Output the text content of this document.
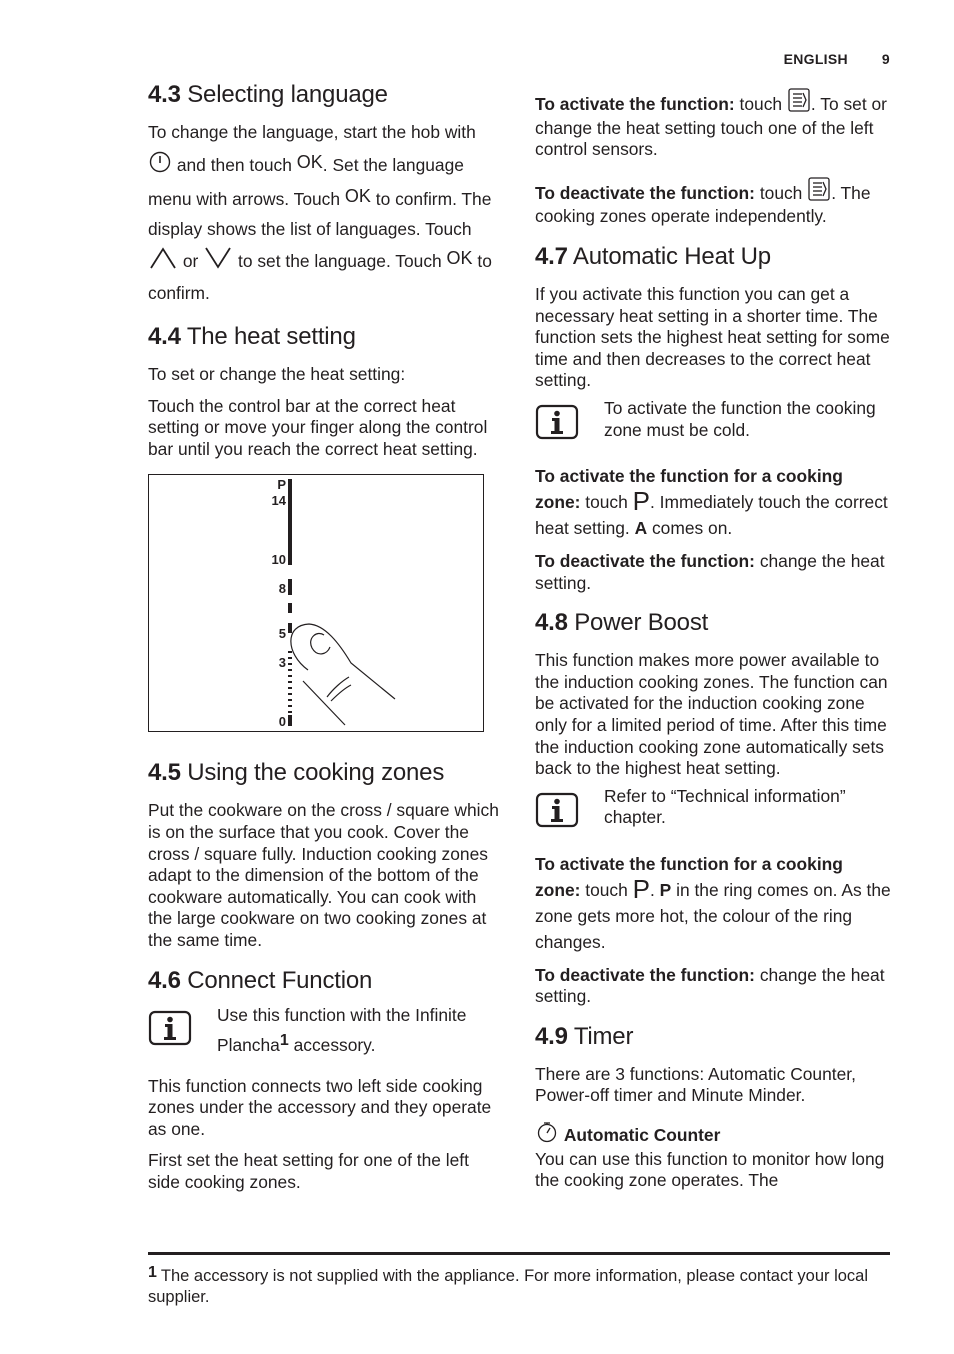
ENGLISH 9
4.3 Selecting language

To change the language, start the hob with  and then touch OK. Set the language menu with arrows. Touch OK to confirm. The display shows the list of languages. Touch  or to set the language. Touch OK to confirm.

4.4 The heat setting

To set or change the heat setting:

Touch the control bar at the correct heat setting or move your finger along the control bar until you reach the correct heat setting.

P
14
10
8
5
3
0
4.5 Using the cooking zones

Put the cookware on the cross / square which is on the surface that you cook. Cover the cross / square fully. Induction cooking zones adapt to the dimension of the bottom of the cookware automatically. You can cook with the large cookware on two cooking zones at the same time.

4.6 Connect Function

Use this function with the Infinite Plancha$^1$ accessory.

This function connects two left side cooking zones under the accessory and they operate as one.

First set the heat setting for one of the left side cooking zones.

To activate the function: touch . To set or change the heat setting touch one of the left control sensors.

To deactivate the function: touch . The cooking zones operate independently.

4.7 Automatic Heat Up

If you activate this function you can get a necessary heat setting in a shorter time. The function sets the highest heat setting for some time and then decreases to the correct heat setting.

To activate the function the cooking zone must be cold.

To activate the function for a cooking zone: touch P. Immediately touch the correct heat setting. A comes on.

To deactivate the function: change the heat setting.

4.8 Power Boost

This function makes more power available to the induction cooking zones. The function can be activated for the induction cooking zone only for a limited period of time. After this time the induction cooking zone automatically sets back to the highest heat setting.

Refer to “Technical information” chapter.

To activate the function for a cooking zone: touch P. P in the ring comes on. As the zone gets more hot, the colour of the ring changes.

To deactivate the function: change the heat setting.

4.9 Timer

There are 3 functions: Automatic Counter, Power-off timer and Minute Minder.

Automatic Counter

You can use this function to monitor how long the cooking zone operates. The

$^1$ The accessory is not supplied with the appliance. For more information, please contact your local supplier.
